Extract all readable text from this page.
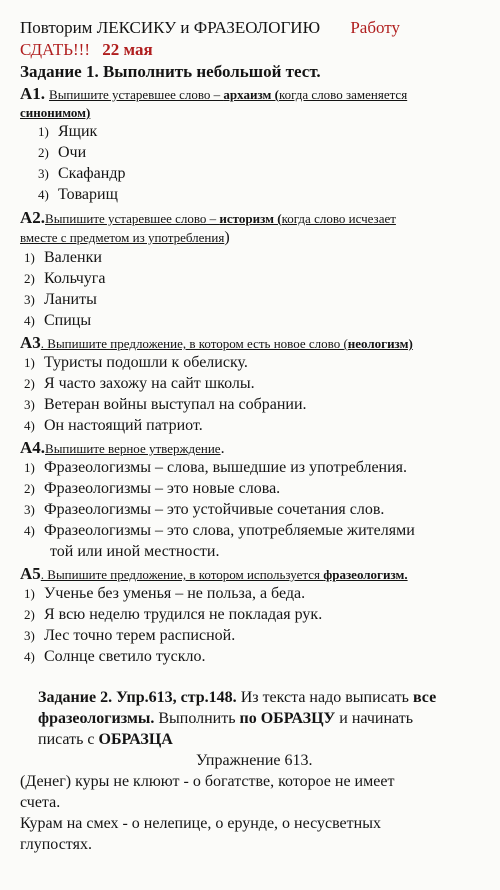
Повторим ЛЕКСИКУ и ФРАЗЕОЛОГИЮ Работу
СДАТЬ!!! 22 мая
Задание 1. Выполнить небольшой тест.
А1. Выпишите устаревшее слово – архаизм (когда слово заменяется
синонимом)
1) Ящик
2) Очи
3) Скафандр
4) Товарищ
А2.Выпишите устаревшее слово – историзм (когда слово исчезает
вместе с предметом из употребления)
1) Валенки
2) Кольчуга
3) Ланиты
4) Спицы
А3. Выпишите предложение, в котором есть новое слово (неологизм)
1) Туристы подошли к обелиску.
2) Я часто захожу на сайт школы.
3) Ветеран войны выступал на собрании.
4) Он настоящий патриот.
А4.Выпишите верное утверждение.
1) Фразеологизмы – слова, вышедшие из употребления.
2) Фразеологизмы – это новые слова.
3) Фразеологизмы – это устойчивые сочетания слов.
4) Фразеологизмы – это слова, употребляемые жителями
той или иной местности.
А5. Выпишите предложение, в котором используется фразеологизм.
1) Ученье без уменья – не польза, а беда.
2) Я всю неделю трудился не покладая рук.
3) Лес точно терем расписной.
4) Солнце светило тускло.
Задание 2. Упр.613, стр.148. Из текста надо выписать все
фразеологизмы. Выполнить по ОБРАЗЦУ и начинать
писать с ОБРАЗЦА
Упражнение 613.
(Денег) куры не клюют - о богатстве, которое не имеет
счета.
Курам на смех - о нелепице, о ерунде, о несусветных
глупостях.
